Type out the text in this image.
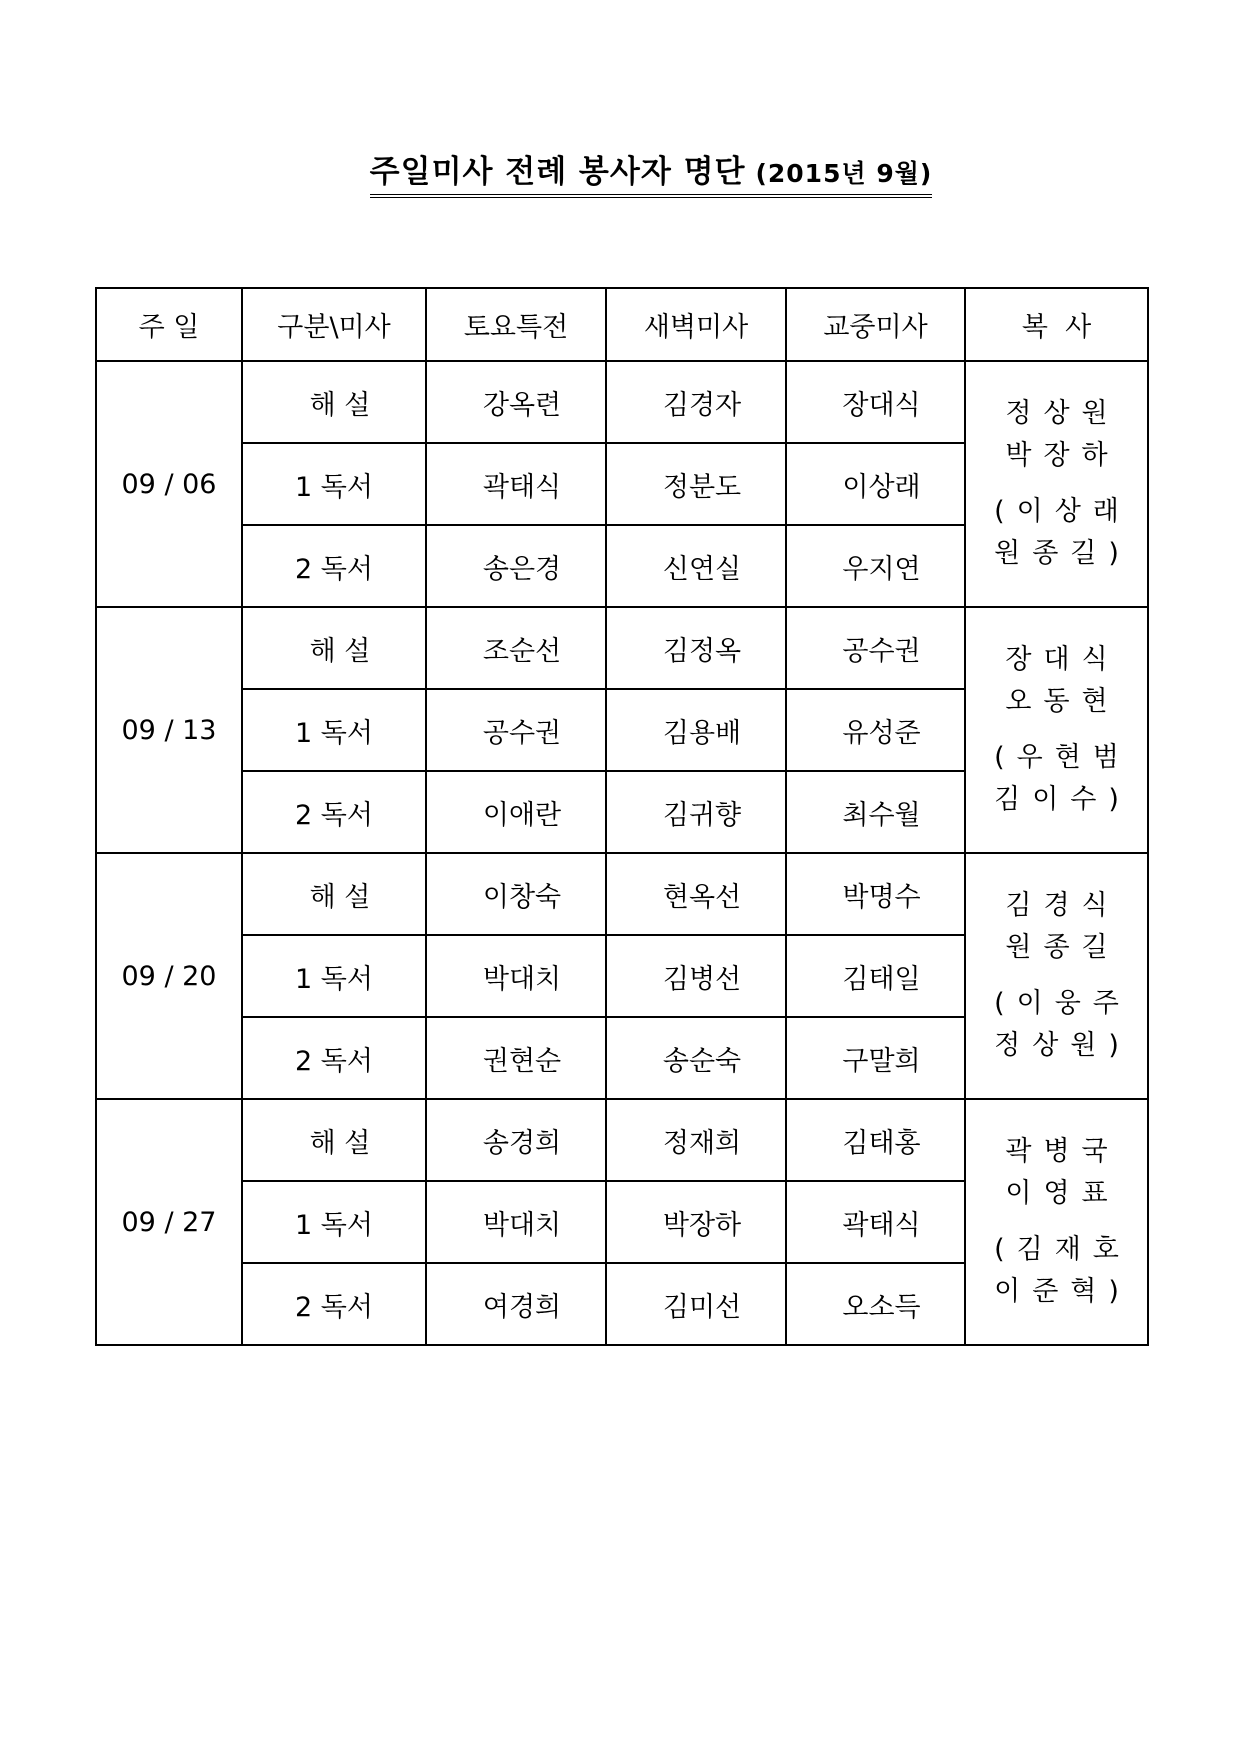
주일미사 전례 봉사자 명단 (2015년 9월)
주 일	구분\미사	토요특전	새벽미사	교중미사	복  사
09 / 06	해 설	강옥련	김경자	장대식	정상원
박장하
(이상래
원종길)

	1 독서	곽태식	정분도	이상래	
	2 독서	송은경	신연실	우지연	
09 / 13	해 설	조순선	김정옥	공수권	장대식
오동현
(우현범
김이수)

	1 독서	공수권	김용배	유성준	
	2 독서	이애란	김귀향	최수월	
09 / 20	해 설	이창숙	현옥선	박명수	김경식
원종길
(이웅주
정상원)

	1 독서	박대치	김병선	김태일	
	2 독서	권현순	송순숙	구말희	
09 / 27	해 설	송경희	정재희	김태홍	곽병국
이영표
(김재호
이준혁)

	1 독서	박대치	박장하	곽태식	
	2 독서	여경희	김미선	오소득	
